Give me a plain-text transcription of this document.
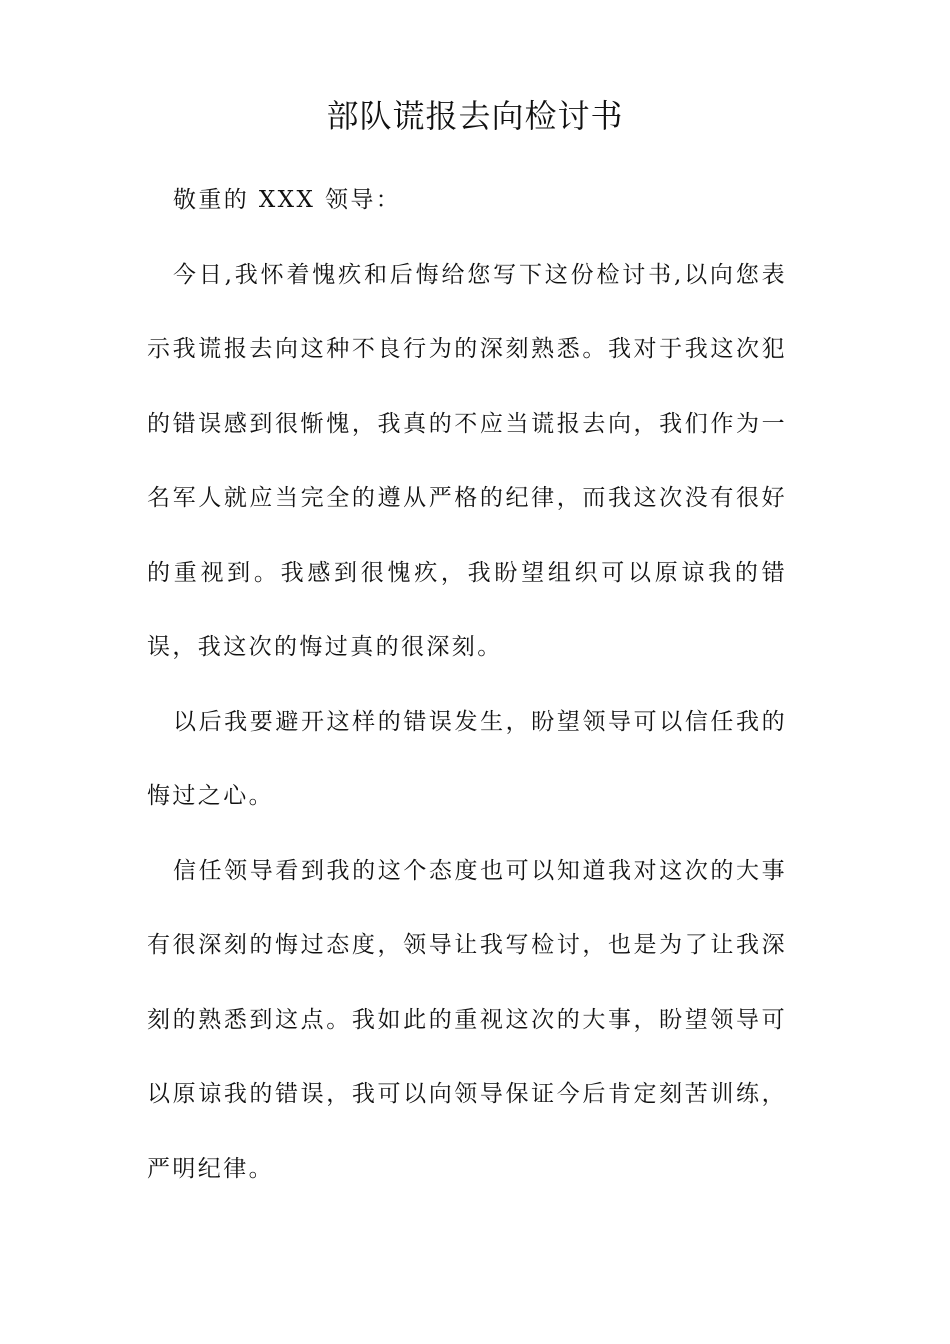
部队谎报去向检讨书

敬重的 XXX 领导：

今日,我怀着愧疚和后悔给您写下这份检讨书,以向您表示我谎报去向这种不良行为的深刻熟悉。我对于我这次犯的错误感到很惭愧，我真的不应当谎报去向，我们作为一名军人就应当完全的遵从严格的纪律，而我这次没有很好的重视到。我感到很愧疚，我盼望组织可以原谅我的错误，我这次的悔过真的很深刻。

以后我要避开这样的错误发生，盼望领导可以信任我的悔过之心。

信任领导看到我的这个态度也可以知道我对这次的大事有很深刻的悔过态度，领导让我写检讨，也是为了让我深刻的熟悉到这点。我如此的重视这次的大事，盼望领导可以原谅我的错误，我可以向领导保证今后肯定刻苦训练，严明纪律。
